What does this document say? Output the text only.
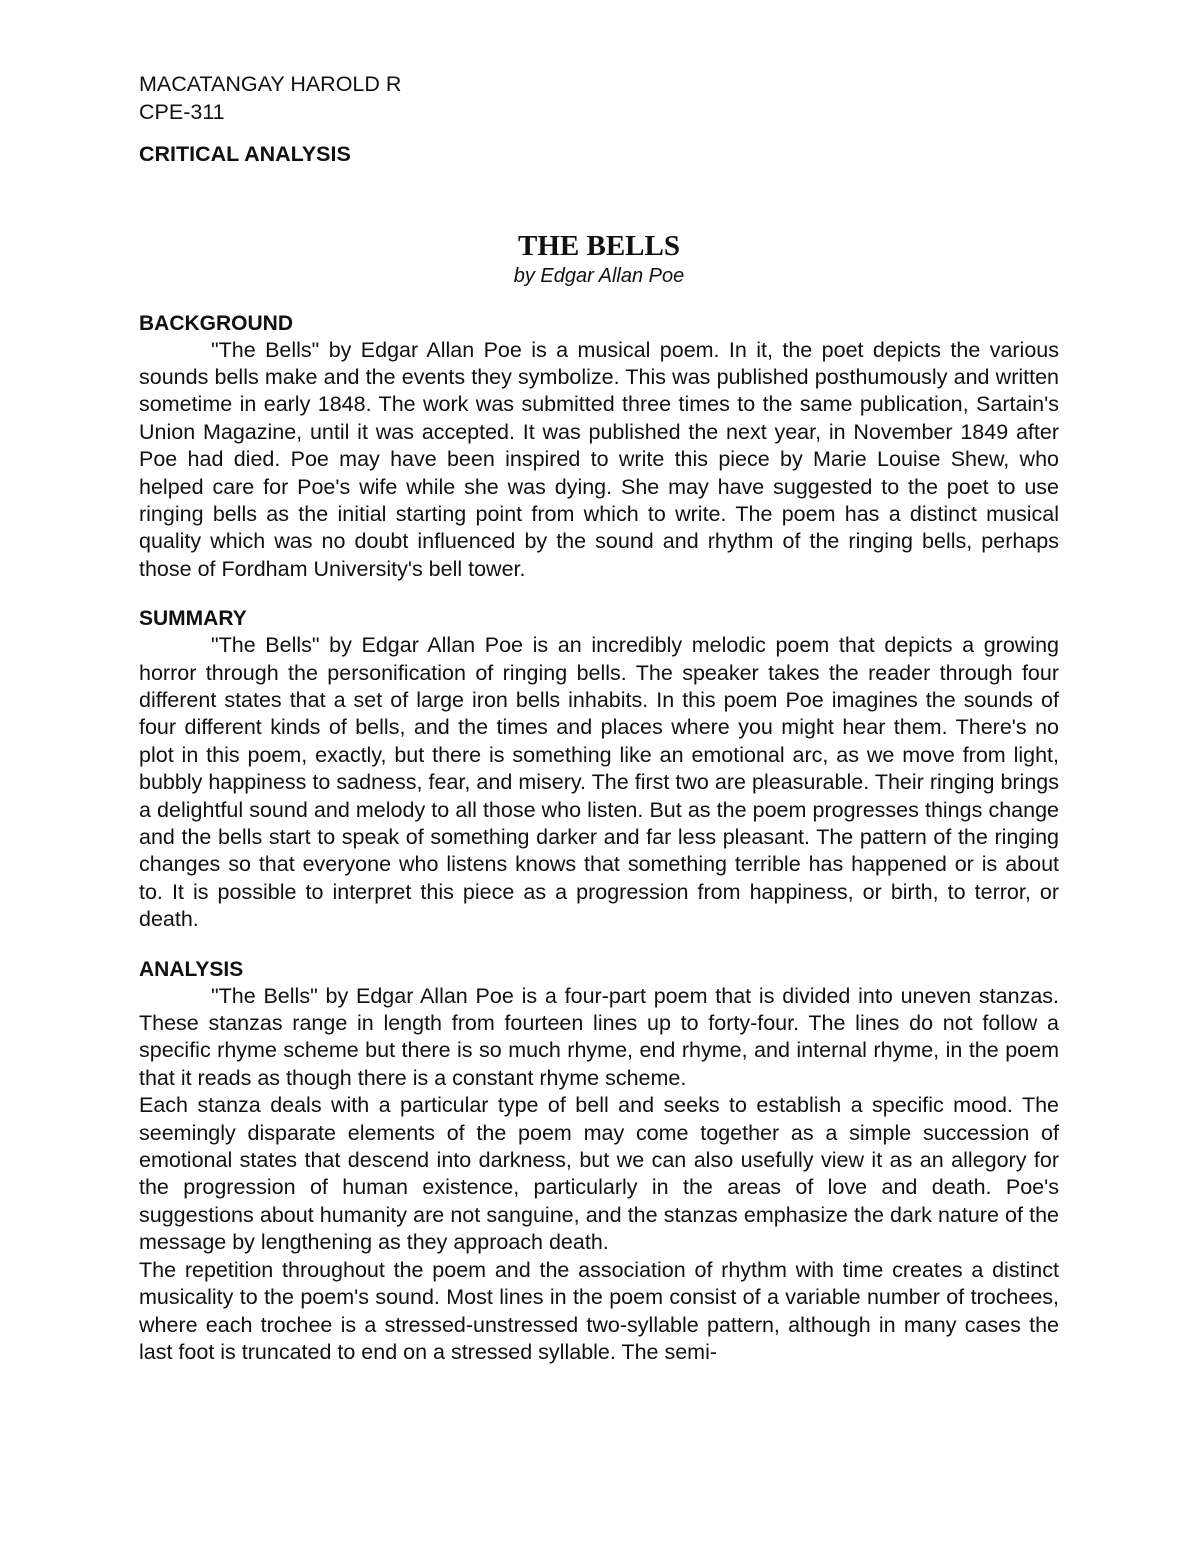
MACATANGAY HAROLD R

CPE-311

CRITICAL ANALYSIS

THE BELLS

by Edgar Allan Poe

BACKGROUND

"The Bells" by Edgar Allan Poe is a musical poem. In it, the poet depicts the various sounds bells make and the events they symbolize. This was published posthumously and written sometime in early 1848. The work was submitted three times to the same publication, Sartain's Union Magazine, until it was accepted. It was published the next year, in November 1849 after Poe had died. Poe may have been inspired to write this piece by Marie Louise Shew, who helped care for Poe's wife while she was dying. She may have suggested to the poet to use ringing bells as the initial starting point from which to write. The poem has a distinct musical quality which was no doubt influenced by the sound and rhythm of the ringing bells, perhaps those of Fordham University's bell tower.

SUMMARY

"The Bells" by Edgar Allan Poe is an incredibly melodic poem that depicts a growing horror through the personification of ringing bells. The speaker takes the reader through four different states that a set of large iron bells inhabits. In this poem Poe imagines the sounds of four different kinds of bells, and the times and places where you might hear them. There's no plot in this poem, exactly, but there is something like an emotional arc, as we move from light, bubbly happiness to sadness, fear, and misery. The first two are pleasurable. Their ringing brings a delightful sound and melody to all those who listen. But as the poem progresses things change and the bells start to speak of something darker and far less pleasant. The pattern of the ringing changes so that everyone who listens knows that something terrible has happened or is about to. It is possible to interpret this piece as a progression from happiness, or birth, to terror, or death.

ANALYSIS

"The Bells" by Edgar Allan Poe is a four-part poem that is divided into uneven stanzas. These stanzas range in length from fourteen lines up to forty-four. The lines do not follow a specific rhyme scheme but there is so much rhyme, end rhyme, and internal rhyme, in the poem that it reads as though there is a constant rhyme scheme.

Each stanza deals with a particular type of bell and seeks to establish a specific mood. The seemingly disparate elements of the poem may come together as a simple succession of emotional states that descend into darkness, but we can also usefully view it as an allegory for the progression of human existence, particularly in the areas of love and death. Poe's suggestions about humanity are not sanguine, and the stanzas emphasize the dark nature of the message by lengthening as they approach death.

The repetition throughout the poem and the association of rhythm with time creates a distinct musicality to the poem's sound. Most lines in the poem consist of a variable number of trochees, where each trochee is a stressed-unstressed two-syllable pattern, although in many cases the last foot is truncated to end on a stressed syllable. The semi-
